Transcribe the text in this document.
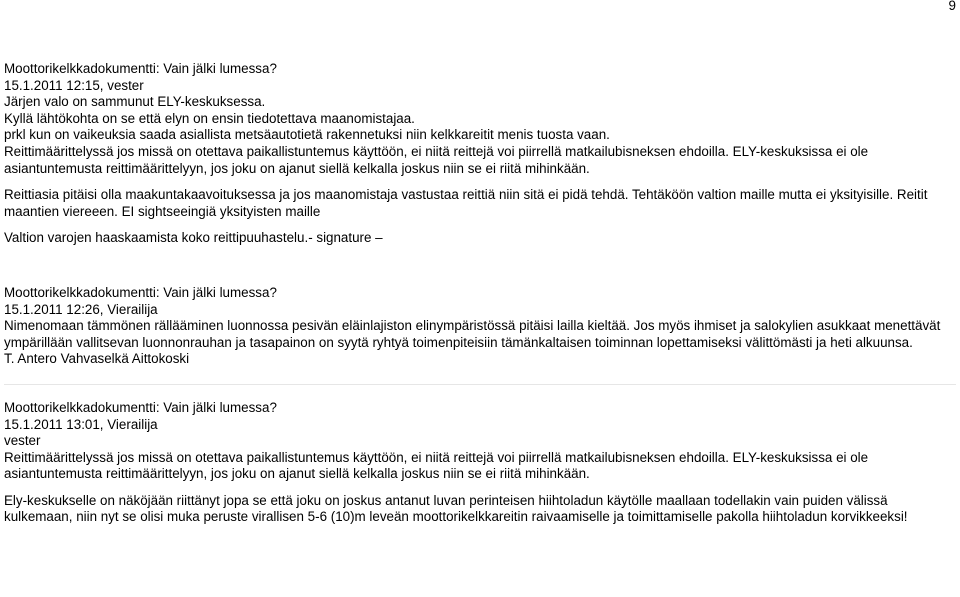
9
Moottorikelkkadokumentti: Vain jälki lumessa?
15.1.2011 12:15, vester
Järjen valo on sammunut ELY-keskuksessa.
Kyllä lähtökohta on se että elyn on ensin tiedotettava maanomistajaa.
prkl kun on vaikeuksia saada asiallista metsäautotietä rakennetuksi niin kelkkareitit menis tuosta vaan.

Reittimäärittelyssä jos missä on otettava paikallistuntemus käyttöön, ei niitä reittejä voi piirrellä matkailubisneksen ehdoilla. ELY-keskuksissa ei ole asiantuntemusta reittimäärittelyyn, jos joku on ajanut siellä kelkalla joskus niin se ei riitä mihinkään.

Reittiasia pitäisi olla maakuntakaavoituksessa ja jos maanomistaja vastustaa reittiä niin sitä ei pidä tehdä. Tehtäköön valtion maille mutta ei yksityisille. Reitit maantien viereeen. EI sightseeingiä yksityisten maille

Valtion varojen haaskaamista koko reittipuuhastelu.- signature –

Moottorikelkkadokumentti: Vain jälki lumessa?
15.1.2011 12:26, Vierailija

Nimenomaan tämmönen rälläämine​n luonnossa pesivän eläinlajiston elinympäristössä pitäisi lailla kieltää. Jos myös ihmiset ja salokylien asukkaat menettävät ympärillään vallitsevan luonnonrauhan ja tasapainon on syytä ryhtyä toimenpiteisiin tämänkaltaisen toiminnan lopettamiseksi välittömästi ja heti alkuunsa.

T. Antero Vahvaselkä Aittokoski
Moottorikelkkadokumentti: Vain jälki lumessa?
15.1.2011 13:01, Vierailija
vester

Reittimäärittelyssä jos missä on otettava paikallistuntemus käyttöön, ei niitä reittejä voi piirrellä matkailubisneksen ehdoilla. ELY-keskuksissa ei ole asiantuntemusta reittimäärittelyyn, jos joku on ajanut siellä kelkalla joskus niin se ei riitä mihinkään.

Ely-keskukselle on näköjään riittänyt jopa se että joku on joskus antanut luvan perinteisen hiihtoladun käytölle maallaan todellakin vain puiden välissä kulkemaan, niin nyt se olisi muka peruste virallisen 5-6 (10)m leveän moottorikelkkareitin raivaamiselle ja toimittamiselle pakolla hiihtoladun korvikkeeksi!
